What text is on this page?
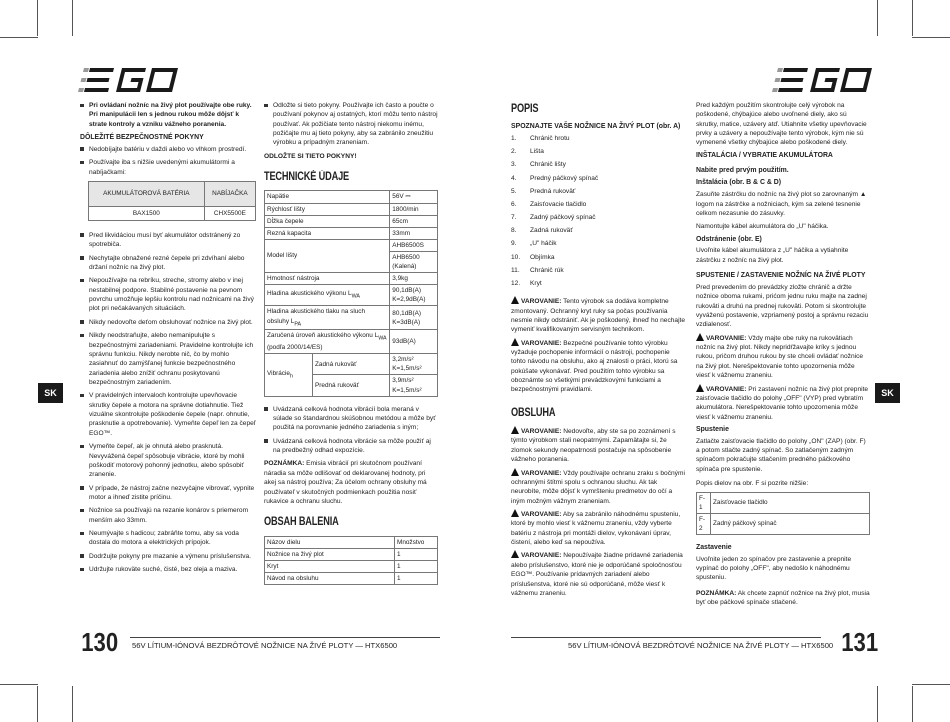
SK	SK
Pri ovládaní nožníc na živý plot používajte obe ruky. Pri manipulácii len s jednou rukou môže dôjsť k strate kontroly a vzniku vážneho poranenia.
DÔLEŽITÉ BEZPEČNOSTNÉ POKYNY
Nedobíjajte batériu v daždi alebo vo vlhkom prostredí.
Používajte iba s nižšie uvedenými akumulátormi a nabíjačkami:
AKUMULÁTOROVÁ BATÉRIA	NABÍJAČKA
BAX1500	CHX5500E
Pred likvidáciou musí byť akumulátor odstránený zo spotrebiča.
Nechytajte obnažené rezné čepele pri zdvíhaní alebo držaní nožníc na živý plot.
Nepoužívajte na rebríku, streche, stromy alebo v inej nestabilnej podpore. Stabilné postavenie na pevnom povrchu umožňuje lepšiu kontrolu nad nožnicami na živý plot pri nečakávaných situáciách.
Nikdy nedovoľte deťom obsluhovať nožnice na živý plot.
Nikdy neodstraňujte, alebo nemanipulujte s bezpečnostnými zariadeniami. Pravidelne kontrolujte ich správnu funkciu. Nikdy nerobte nič, čo by mohlo zasiahnuť do zamýšľanej funkcie bezpečnostného zariadenia alebo znížiť ochranu poskytovanú bezpečnostným zariadením.
V pravidelných intervaloch kontrolujte upevňovacie skrutky čepele a motora na správne dotiahnutie. Tiež vizuálne skontrolujte poškodenie čepele (napr. ohnutie, prasknutie a opotrebovanie). Vymeňte čepeľ len za čepeľ EGO™.
Vymeňte čepeľ, ak je ohnutá alebo prasknutá. Nevyvážená čepeľ spôsobuje vibrácie, ktoré by mohli poškodiť motorový pohonný jednotku, alebo spôsobiť zranenie.
V prípade, že nástroj začne nezvyčajne vibrovať, vypnite motor a ihneď zistite príčinu.
Nožnice sa používajú na rezanie konárov s priemerom menším ako 33mm.
Neumývajte s hadicou; zabráňte tomu, aby sa voda dostala do motora a elektrických prípojok.
Dodržujte pokyny pre mazanie a výmenu príslušenstva.
Udržujte rukoväte suché, čisté, bez oleja a maziva.
Odložte si tieto pokyny. Používajte ich často a poučte o používaní pokynov aj ostatných, ktorí môžu tento nástroj používať. Ak požičiate tento nástroj niekomu inému, požičajte mu aj tieto pokyny, aby sa zabránilo zneužitiu výrobku a prípadným zraneniam.

ODLOŽTE SI TIETO POKYNY!

TECHNICKÉ ÚDAJE
Napätie		56V ⎓
Rýchlosť lišty		1800/min
Dĺžka čepele		65cm
Rezná kapacita		33mm
Model lišty		AHB6500S
		AHB6500 (Kalená)
Hmotnosť nástroja		3,9kg
Hladina akustického výkonu $L_{WA}$		90,1dB(A)
K=2,9dB(A)
Hladina akustického tlaku na sluch obsluhy $L_{PA}$		80,1dB(A)
K=3dB(A)
Zaručená úroveň akustického výkonu $L_{WA}$ (podľa 2000/14/ES)		93dB(A)
Vibrácie$_h$	Zadná rukoväť	3,2m/s²
K=1,5m/s²
	Predná rukoväť	3,9m/s²
K=1,5m/s²
Uvádzaná celková hodnota vibrácií bola meraná v súlade so štandardnou skúšobnou metódou a môže byť použitá na porovnanie jedného zariadenia s iným;
Uvádzaná celková hodnota vibrácie sa môže použiť aj na predbežný odhad expozície.

POZNÁMKA: Emisia vibrácií pri skutočnom používaní náradia sa môže odlišovať od deklarovanej hodnoty, pri akej sa nástroj používa; Za účelom ochrany obsluhy má používateľ v skutočných podmienkach použitia nosiť rukavice a ochranu sluchu.

OBSAH BALENIA
Názov dielu	Množstvo
Nožnice na živý plot	1
Kryt	1
Návod na obsluhu	1
POPIS
SPOZNAJTE VAŠE NOŽNICE NA ŽIVÝ PLOT (obr. A)
1.	Chránič hrotu
2.	Lišta
3.	Chránič lišty
4.	Predný páčkový spínač
5.	Predná rukoväť
6.	Zaisťovacie tlačidlo
7.	Zadný páčkový spínač
8.	Zadná rukoväť
9.	„U" háčik
10.	Objímka
11.	Chránič rúk
12.	Kryt

VAROVANIE: Tento výrobok sa dodáva kompletne zmontovaný. Ochranný kryt ruky sa počas používania nesmie nikdy odstrániť. Ak je poškodený, ihneď ho nechajte vymeniť kvalifikovaným servisným technikom.

VAROVANIE: Bezpečné používanie tohto výrobku vyžaduje pochopenie informácií o nástroji, pochopenie tohto návodu na obsluhu, ako aj znalosti o práci, ktorú sa pokúšate vykonávať. Pred použitím tohto výrobku sa oboznámte so všetkými prevádzkovými funkciami a bezpečnostnými pravidlami.

OBSLUHA

VAROVANIE: Nedovoľte, aby ste sa po zoznámení s týmto výrobkom stali neopatrnými. Zapamätajte si, že zlomok sekundy neopatrnosti postačuje na spôsobenie vážneho poranenia.

VAROVANIE: Vždy používajte ochranu zraku s bočnými ochrannými štítmi spolu s ochranou sluchu. Ak tak neurobíte, môže dôjsť k vymršteniu predmetov do očí a iným možným vážnym zraneniam.

VAROVANIE: Aby sa zabránilo náhodnému spusteniu, ktoré by mohlo viesť k vážnemu zraneniu, vždy vyberte batériu z nástroja pri montáži dielov, vykonávaní úprav, čistení, alebo keď sa nepoužíva.

VAROVANIE: Nepoužívajte žiadne prídavné zariadenia alebo príslušenstvo, ktoré nie je odporúčané spoločnosťou EGO™. Používanie prídavných zariadení alebo príslušenstva, ktoré nie sú odporúčané, môže viesť k vážnemu zraneniu.

Pred každým použitím skontrolujte celý výrobok na poškodené, chýbajúce alebo uvoľnené diely, ako sú skrutky, matice, uzávery atď. Utiahnite všetky upevňovacie prvky a uzávery a nepoužívajte tento výrobok, kým nie sú vymenené všetky chýbajúce alebo poškodené diely.

INŠTALÁCIA / VYBRATIE AKUMULÁTORA
Nabite pred prvým použitím.
Inštalácia (obr. B & C & D)

Zasuňte zástrčku do nožníc na živý plot so zarovnaným ▲ logom na zástrčke a nožniciach, kým sa zelené tesnenie celkom nezasunie do zásuvky.

Namontujte kábel akumulátora do „U" háčika.

Odstránenie (obr. E)

Uvoľnite kábel akumulátora z „U" háčika a vytiahnite zástrčku z nožníc na živý plot.

SPUSTENIE / ZASTAVENIE NOŽNÍC NA ŽIVÉ PLOTY

Pred prevedením do prevádzky zložte chránič a držte nožnice oboma rukami, prićom jednu ruku majte na zadnej rukoväti a druhú na prednej rukoväti. Potom si skontrolujte vyváženú postavenie, vzpriamený postoj a správnu rezaciu vzdialenosť.

VAROVANIE: Vždy majte obe ruky na rukovätiach nožníc na živý plot. Nikdy nepridŕžavajte kríky s jednou rukou, pričom druhou rukou by ste chceli ovládať nožnice na živý plot. Nerešpektovanie tohto upozornenia môže viesť k vážnemu zraneniu.

VAROVANIE: Pri zastavení nožníc na živý plot prepnite zaisťovacie tlačidlo do polohy „OFF" (VYP) pred vybratím akumulátora. Nerešpektovanie tohto upozornenia môže viesť k vážnemu zraneniu.

Spustenie

Zatlačte zaisťovacie tlačidlo do polohy „ON" (ZAP) (obr. F) a potom stlačte zadný spínač. So zatlačeným zadným spínačom pokračujte stlačením predného páčkového spínača pre spustenie.

Popis dielov na obr. F si pozrite nižšie:

F-1	Zaisťovacie tlačidlo
F-2	Zadný páčkový spínač
Zastavenie

Uvoľnite jeden zo spínačov pre zastavenie a prepnite vypínač do polohy „OFF", aby nedošlo k náhodnému spusteniu.

POZNÁMKA: Ak chcete zapnúť nožnice na živý plot, musia byť obe páčkové spínače stlačené.

130 56V LÍTIUM-IÓNOVÁ BEZDRÔTOVÉ NOŽNICE NA ŽIVÉ PLOTY — HTX6500	56V LÍTIUM-IÓNOVÁ BEZDRÔTOVÉ NOŽNICE NA ŽIVÉ PLOTY — HTX6500 131
